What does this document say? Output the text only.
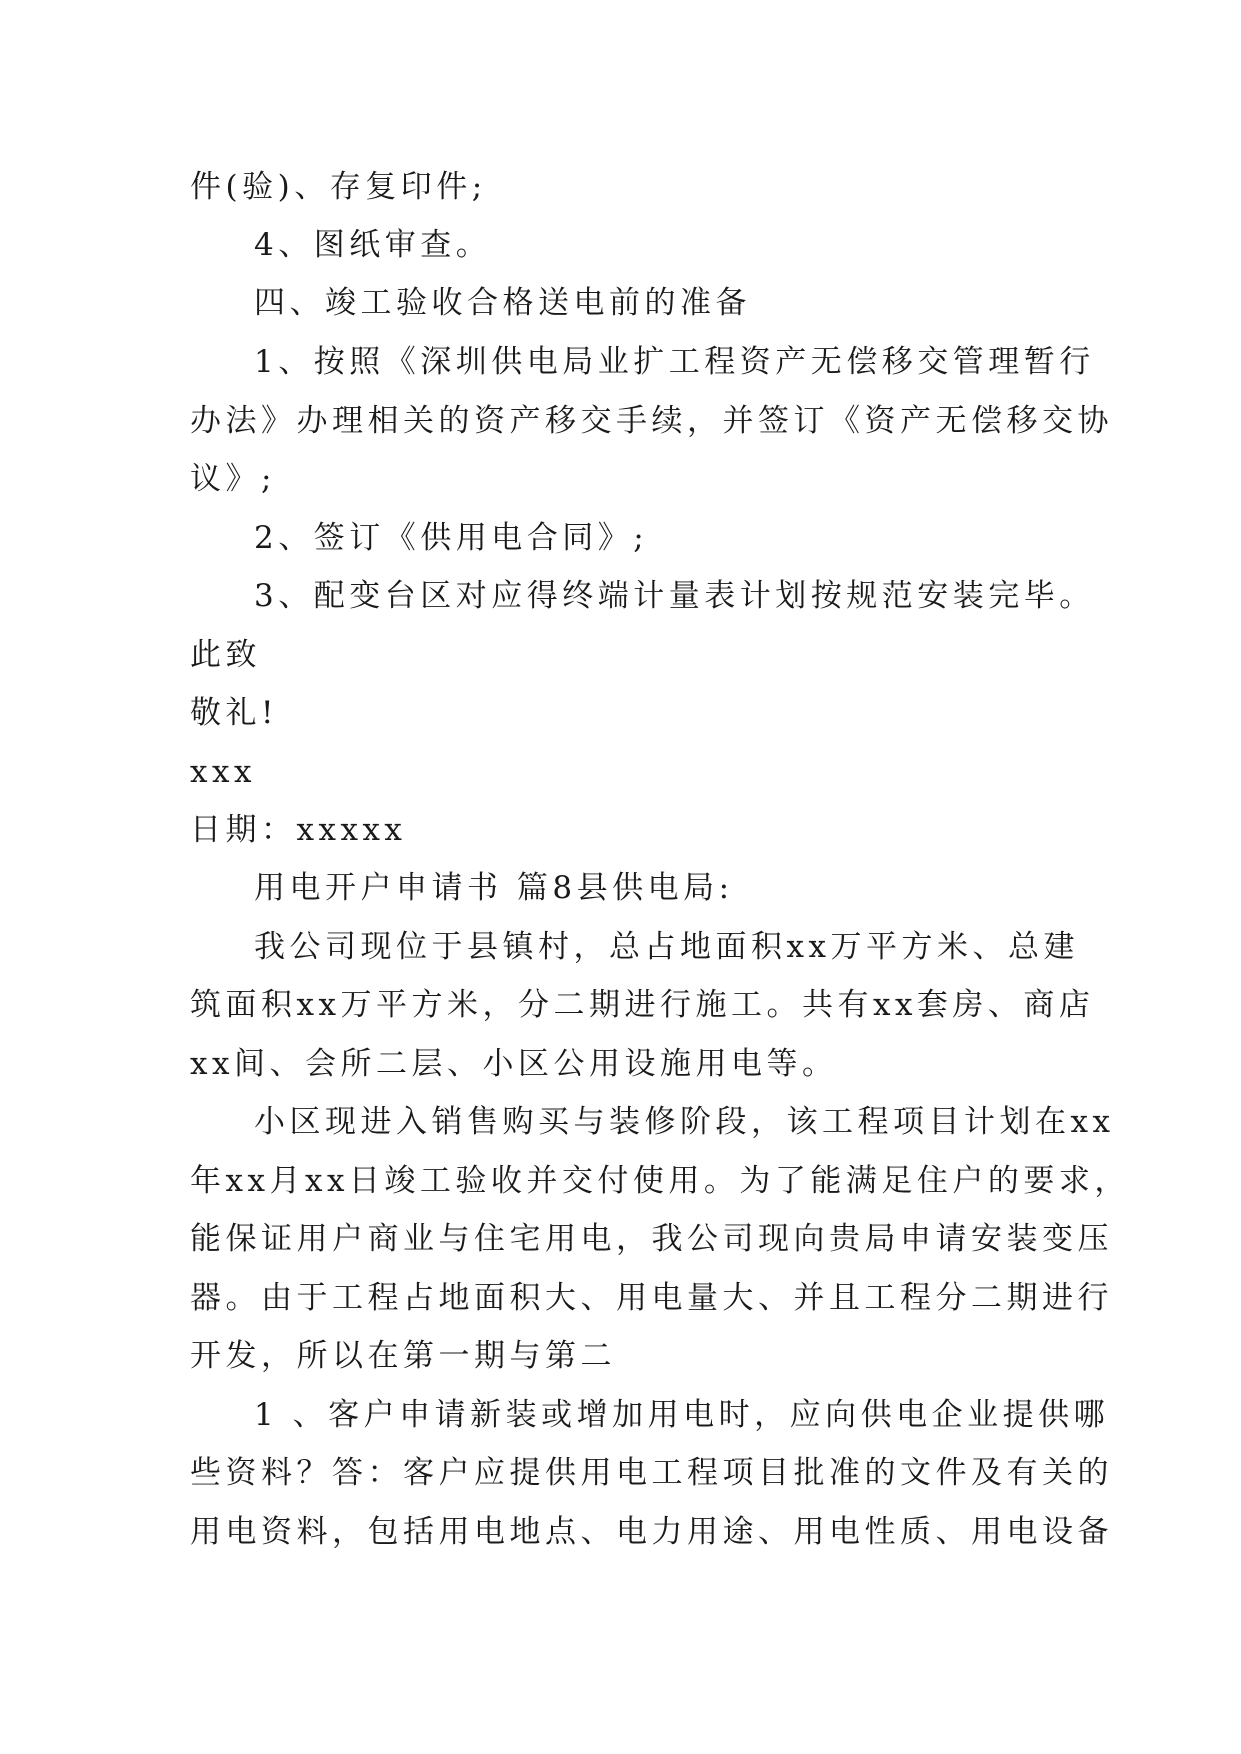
件(验)、存复印件;
4、图纸审查。
四、竣工验收合格送电前的准备
1、按照《深圳供电局业扩工程资产无偿移交管理暂行
办法》办理相关的资产移交手续，并签订《资产无偿移交协
议》;
2、签订《供用电合同》;
3、配变台区对应得终端计量表计划按规范安装完毕。
此致
敬礼!
xxx
日期：xxxxx
用电开户申请书 篇8县供电局:
我公司现位于县镇村，总占地面积xx万平方米、总建
筑面积xx万平方米，分二期进行施工。共有xx套房、商店
xx间、会所二层、小区公用设施用电等。
小区现进入销售购买与装修阶段，该工程项目计划在xx
年xx月xx日竣工验收并交付使用。为了能满足住户的要求，
能保证用户商业与住宅用电，我公司现向贵局申请安装变压
器。由于工程占地面积大、用电量大、并且工程分二期进行
开发，所以在第一期与第二
1 、客户申请新装或增加用电时，应向供电企业提供哪
些资料？答：客户应提供用电工程项目批准的文件及有关的
用电资料，包括用电地点、电力用途、用电性质、用电设备
